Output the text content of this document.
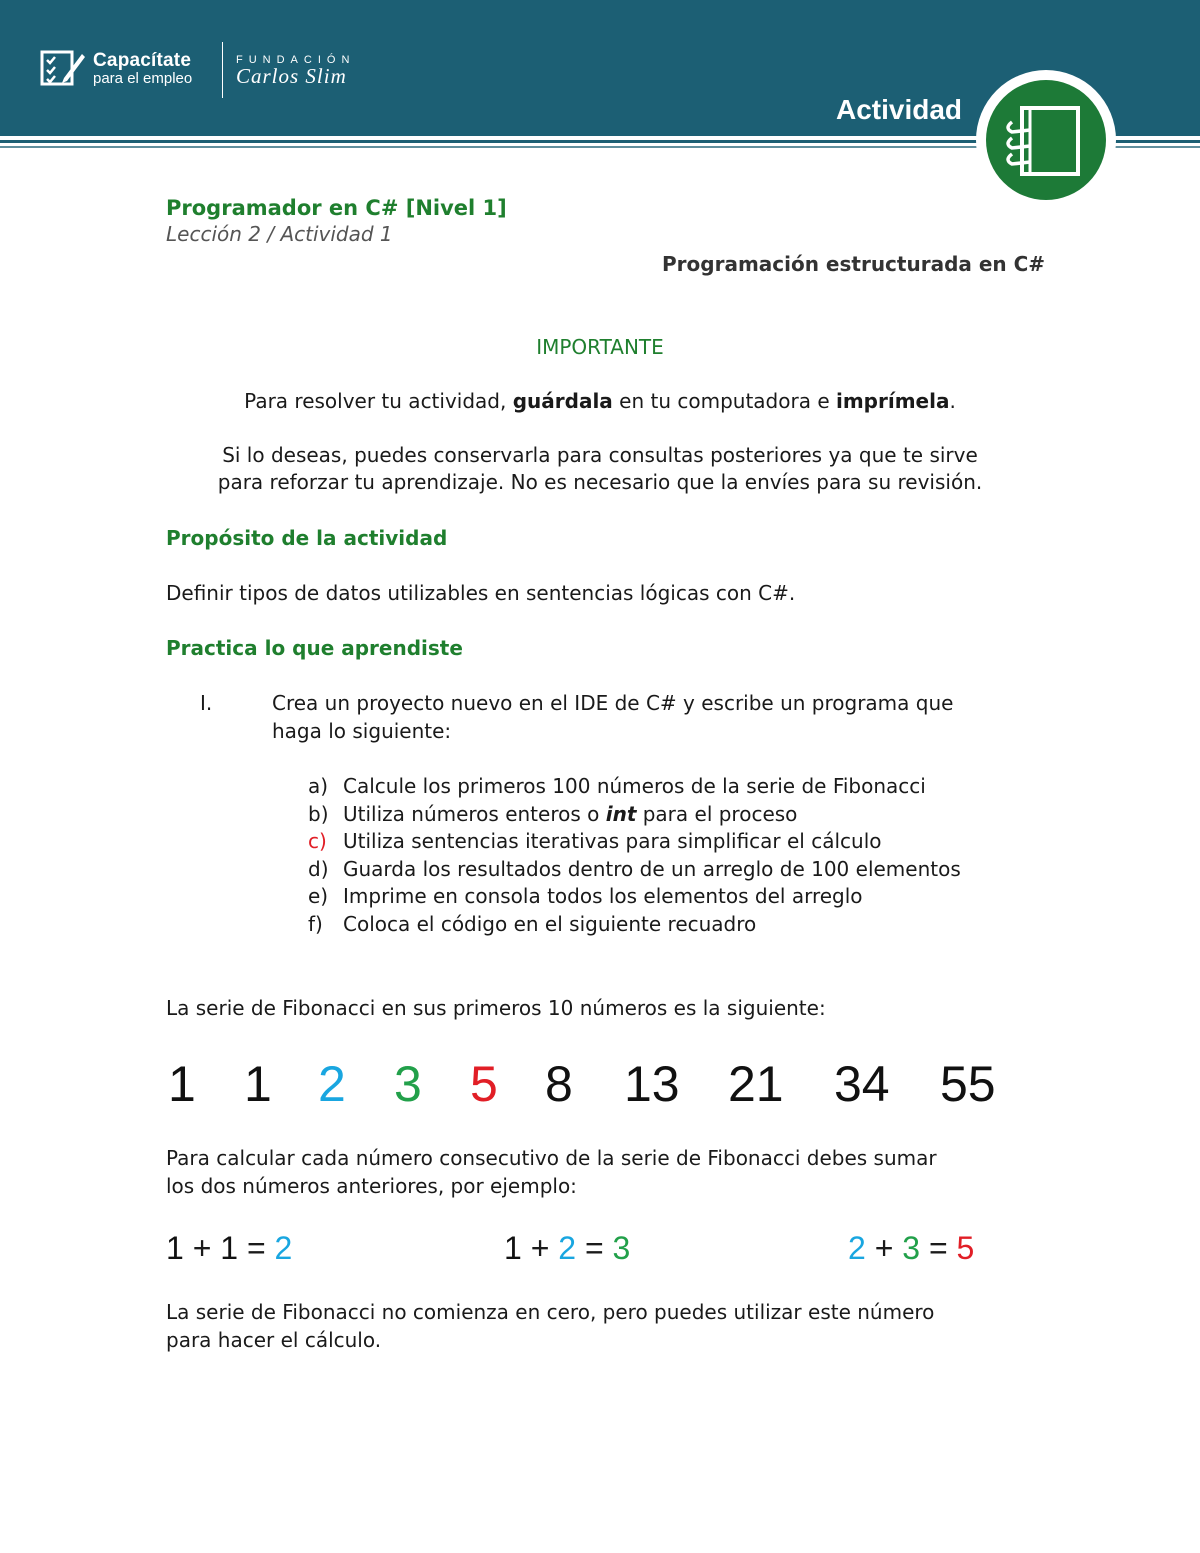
Capacítate
para el empleo
FUNDACIÓN
Carlos Slim
Actividad
Programador en C# [Nivel 1]
Lección 2 / Actividad 1
Programación estructurada en C#
IMPORTANTE
Para resolver tu actividad, guárdala en tu computadora e imprímela.
Si lo deseas, puedes conservarla para consultas posteriores ya que te sirve
para reforzar tu aprendizaje. No es necesario que la envíes para su revisión.
Propósito de la actividad
Definir tipos de datos utilizables en sentencias lógicas con C#.
Practica lo que aprendiste
I.	Crea un proyecto nuevo en el IDE de C# y escribe un programa que
haga lo siguiente:
a) Calcule los primeros 100 números de la serie de Fibonacci
b) Utiliza números enteros o int para el proceso
c) Utiliza sentencias iterativas para simplificar el cálculo
d) Guarda los resultados dentro de un arreglo de 100 elementos
e) Imprime en consola todos los elementos del arreglo
f) Coloca el código en el siguiente recuadro
La serie de Fibonacci en sus primeros 10 números es la siguiente:
1 1 2 3 5 8 13 21 34 55
Para calcular cada número consecutivo de la serie de Fibonacci debes sumar
los dos números anteriores, por ejemplo:
1 + 1 = 2	1 + 2 = 3	2 + 3 = 5
La serie de Fibonacci no comienza en cero, pero puedes utilizar este número
para hacer el cálculo.
